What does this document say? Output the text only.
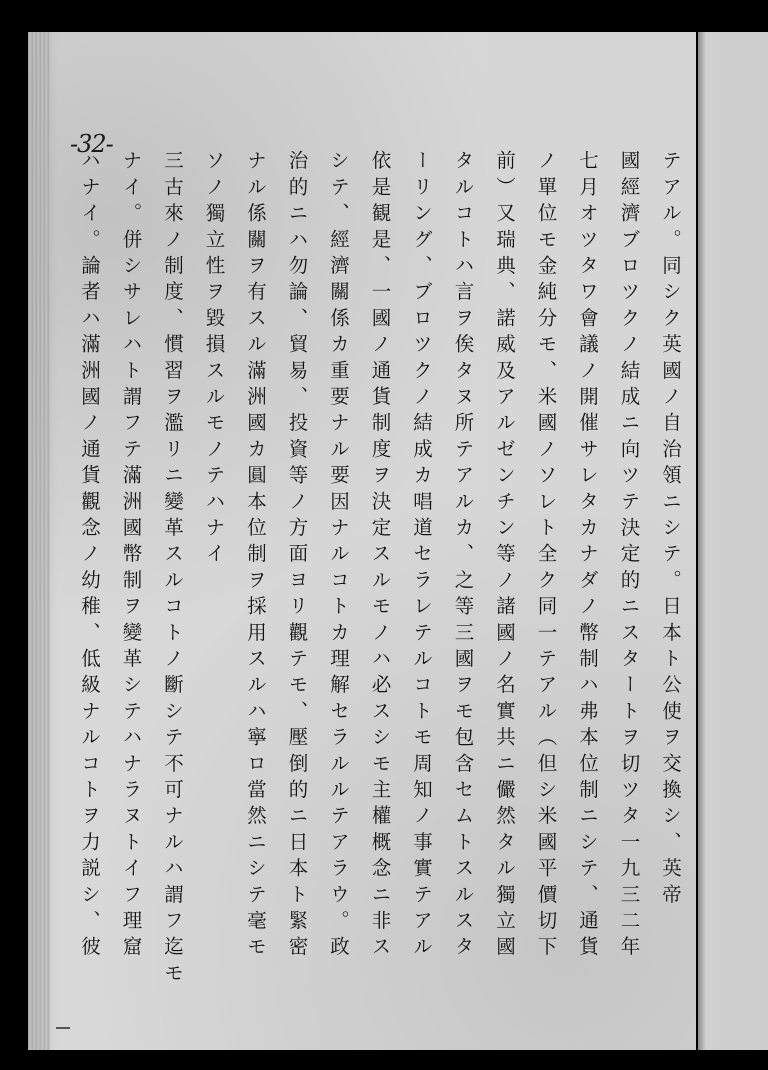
-32-
テアル。同シク英國ノ自治領ニシテ。日本ト公使ヲ交換シ、英帝
國經濟ブロツクノ結成ニ向ツテ決定的ニスタートヲ切ツタ一九三二年
七月オツタワ會議ノ開催サレタカナダノ幣制ハ弗本位制ニシテ、通貨
ノ單位モ金純分モ、米國ノソレト全ク同一テアル（但シ米國平價切下
前）又瑞典、諾威及アルゼンチン等ノ諸國ノ名實共ニ儼然タル獨立國
タルコトハ言ヲ俟タヌ所テアルカ、之等三國ヲモ包含セムトスルスタ
ーリング、ブロツクノ結成カ唱道セラレテルコトモ周知ノ事實テアル
依是観是、一國ノ通貨制度ヲ決定スルモノハ必スシモ主權概念ニ非ス
シテ、經濟關係カ重要ナル要因ナルコトカ理解セラルルテアラウ。政
治的ニハ勿論、貿易、投資等ノ方面ヨリ觀テモ、壓倒的ニ日本ト緊密
ナル係關ヲ有スル滿洲國カ圓本位制ヲ採用スルハ寧ロ當然ニシテ毫モ
ソノ獨立性ヲ毀損スルモノテハナイ
三古來ノ制度、慣習ヲ濫リニ變革スルコトノ斷シテ不可ナルハ謂フ迄モ
ナイ。併シサレハト謂フテ滿洲國幣制ヲ變革シテハナラヌトイフ理窟
ハナイ。論者ハ滿洲國ノ通貨觀念ノ幼稚、低級ナルコトヲ力説シ、彼
